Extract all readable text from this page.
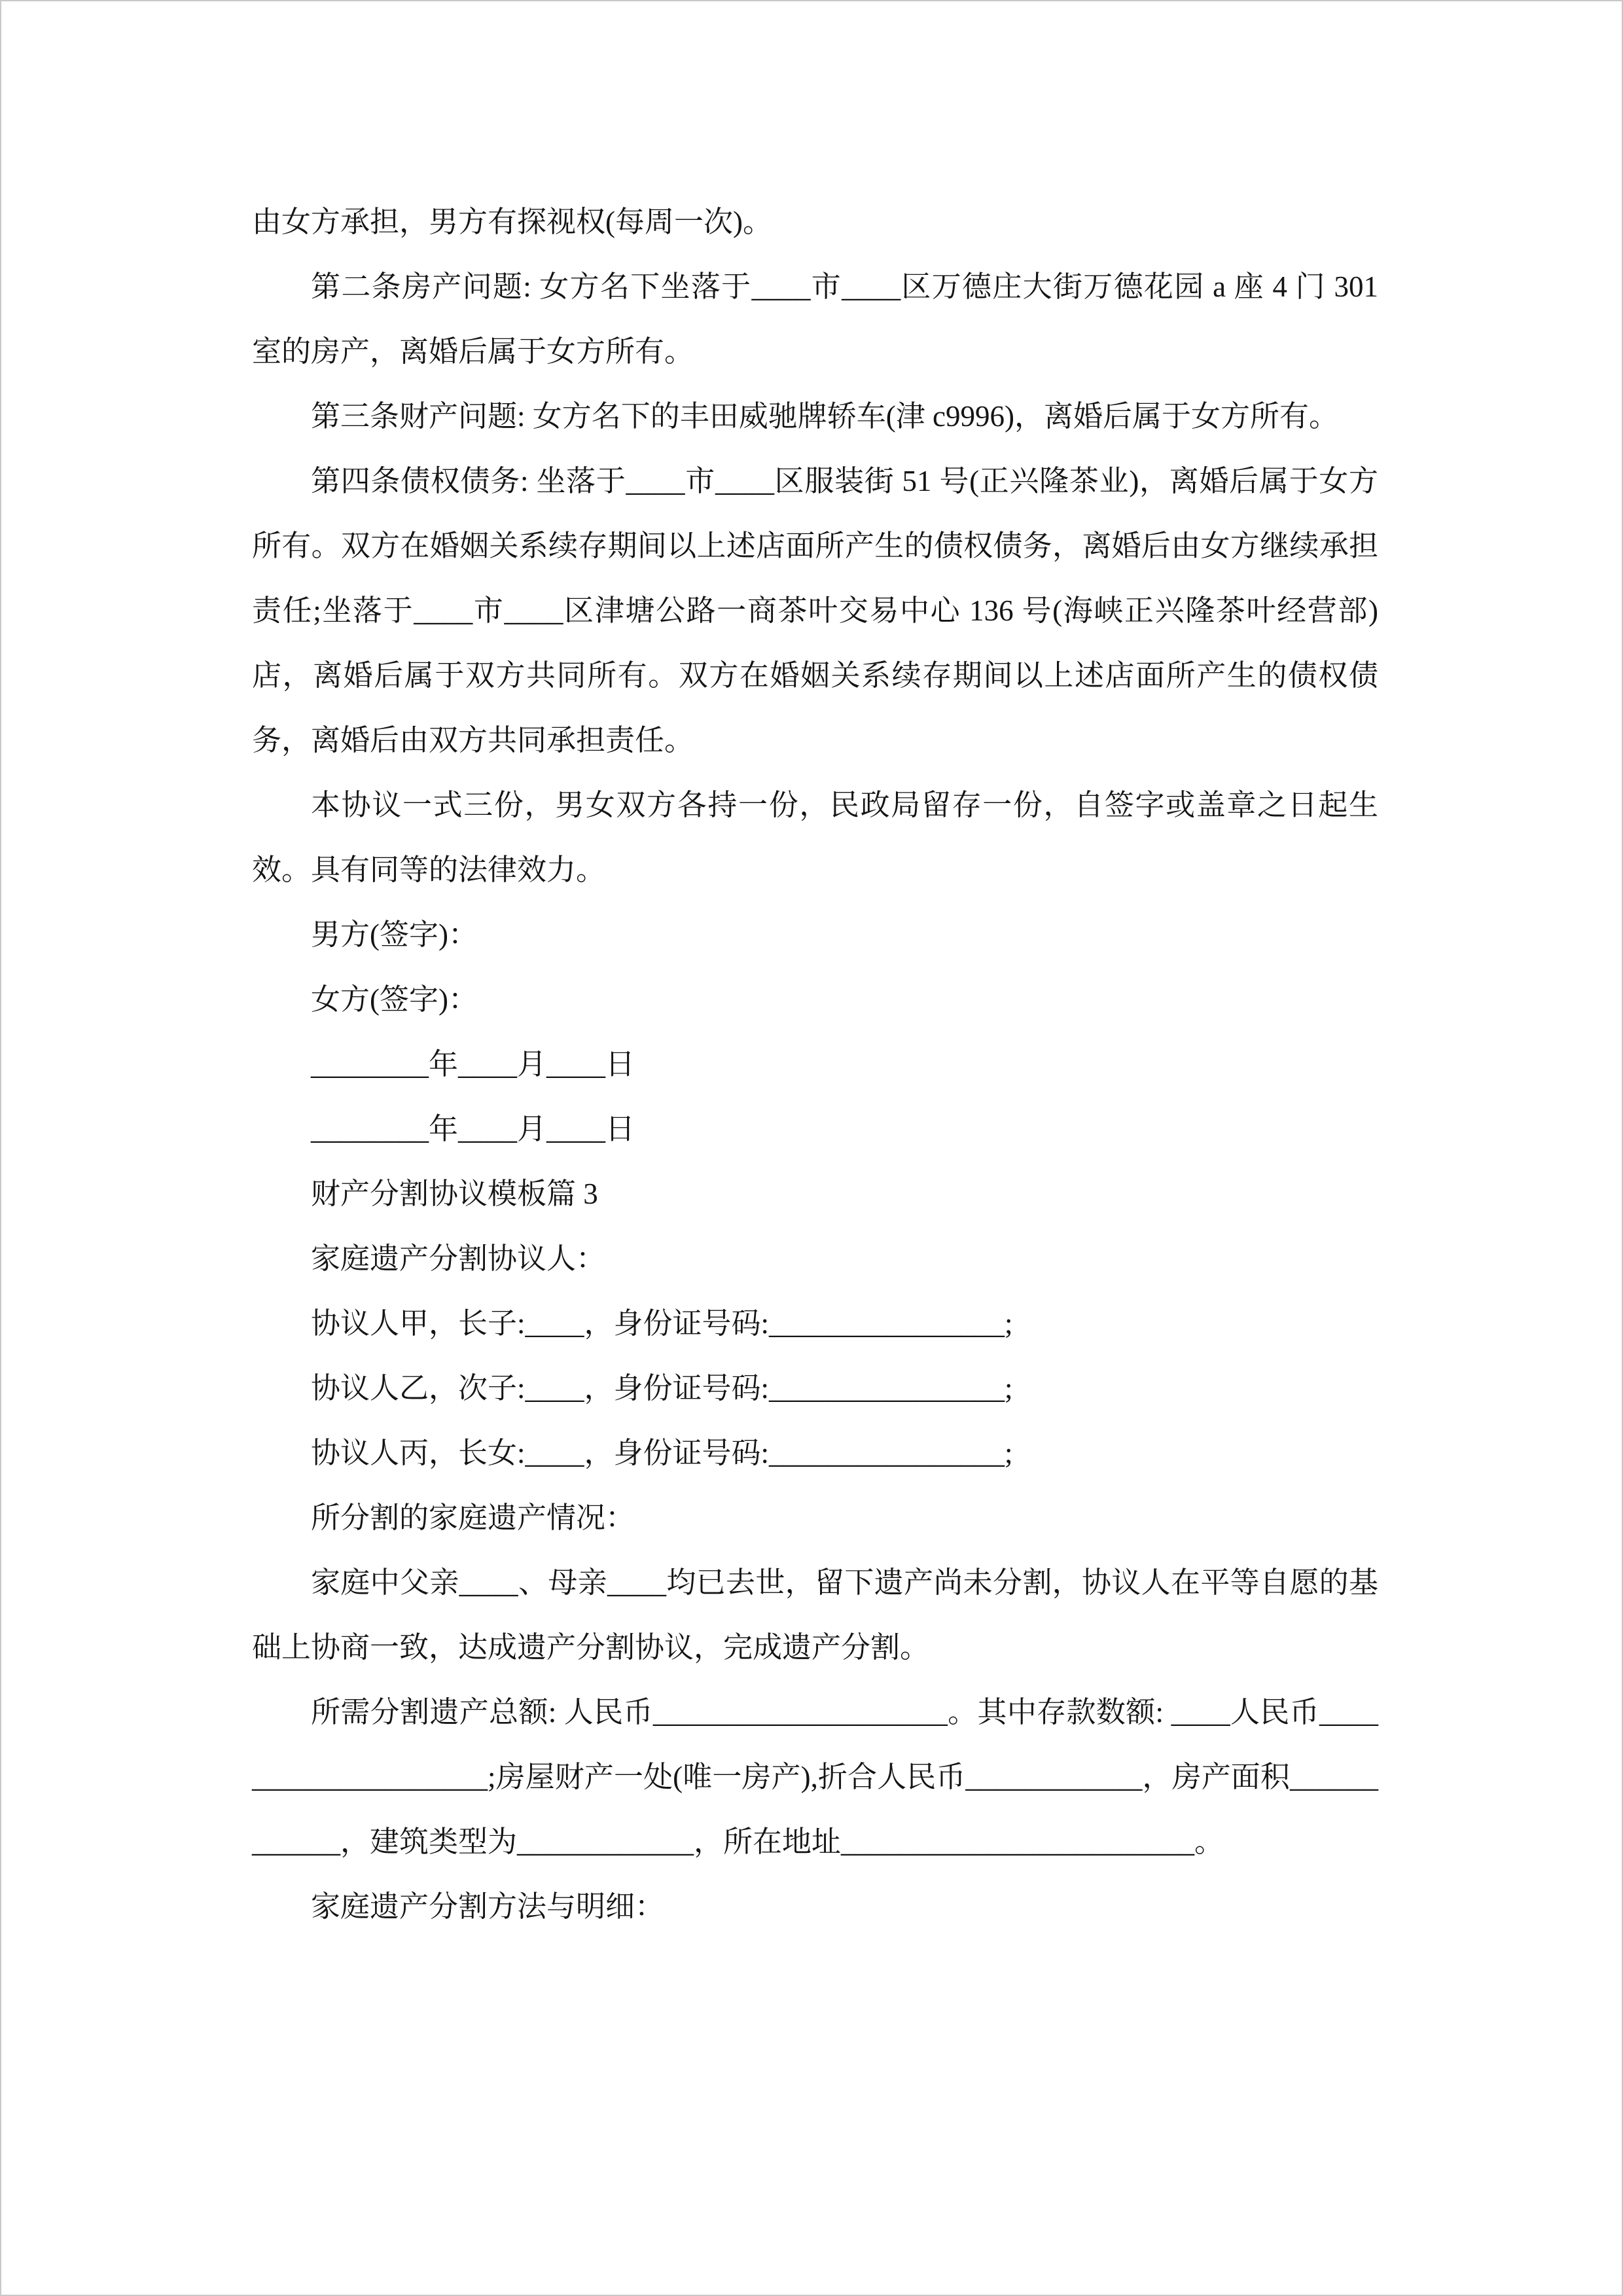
由女方承担，男方有探视权(每周一次)。

第二条房产问题: 女方名下坐落于____市____区万德庄大街万德花园 a 座 4 门 301 室的房产，离婚后属于女方所有。

第三条财产问题: 女方名下的丰田威驰牌轿车(津 c9996)，离婚后属于女方所有。

第四条债权债务: 坐落于____市____区服装街 51 号(正兴隆茶业)，离婚后属于女方所有。双方在婚姻关系续存期间以上述店面所产生的债权债务，离婚后由女方继续承担责任;坐落于____市____区津塘公路一商茶叶交易中心 136 号(海峡正兴隆茶叶经营部)店，离婚后属于双方共同所有。双方在婚姻关系续存期间以上述店面所产生的债权债务，离婚后由双方共同承担责任。

本协议一式三份，男女双方各持一份，民政局留存一份，自签字或盖章之日起生效。具有同等的法律效力。

男方(签字)：

女方(签字)：

________年____月____日

________年____月____日

财产分割协议模板篇 3

家庭遗产分割协议人：

协议人甲，长子:____，身份证号码:________________;

协议人乙，次子:____，身份证号码:________________;

协议人丙，长女:____，身份证号码:________________;

所分割的家庭遗产情况：

家庭中父亲____、母亲____均已去世，留下遗产尚未分割，协议人在平等自愿的基础上协商一致，达成遗产分割协议，完成遗产分割。

所需分割遗产总额: 人民币____________________。其中存款数额: ____人民币____________________;房屋财产一处(唯一房产),折合人民币____________，房产面积____________，建筑类型为____________，所在地址________________________。

家庭遗产分割方法与明细：
